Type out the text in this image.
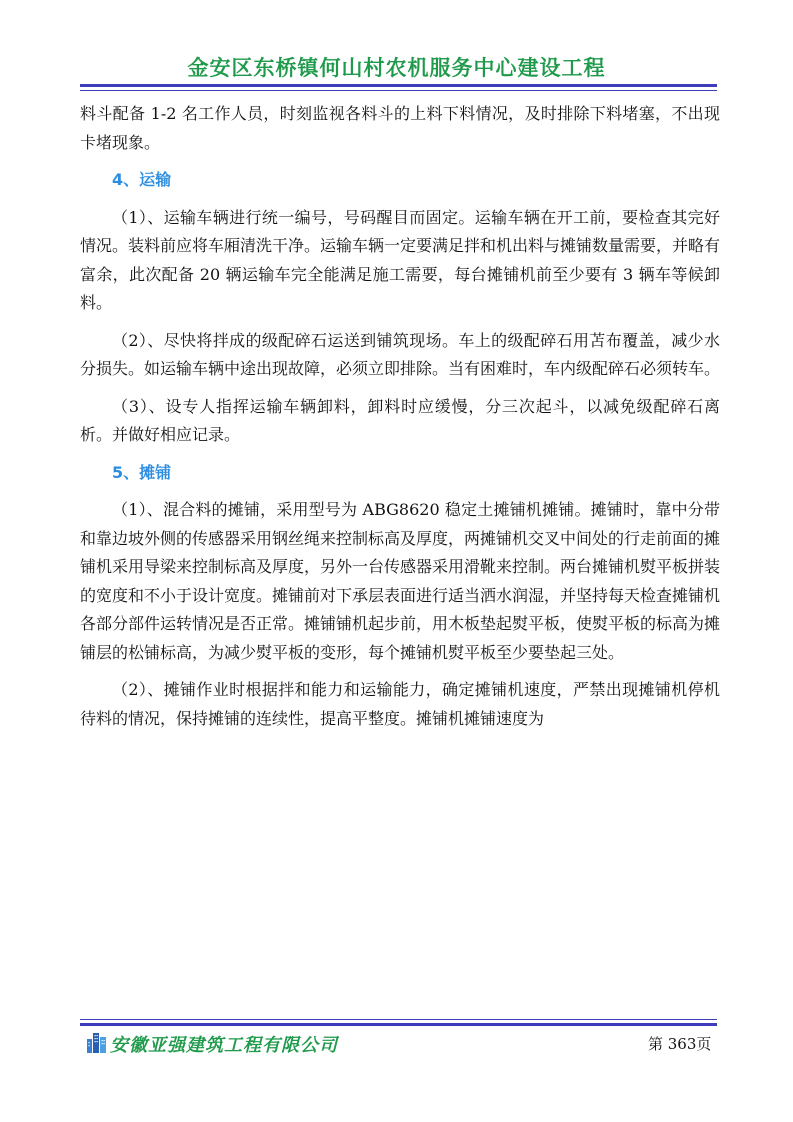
金安区东桥镇何山村农机服务中心建设工程

料斗配备 1-2 名工作人员，时刻监视各料斗的上料下料情况，及时排除下料堵塞，不出现卡堵现象。

4、运输

（1）、运输车辆进行统一编号，号码醒目而固定。运输车辆在开工前，要检查其完好情况。装料前应将车厢清洗干净。运输车辆一定要满足拌和机出料与摊铺数量需要，并略有富余，此次配备 20 辆运输车完全能满足施工需要，每台摊铺机前至少要有 3 辆车等候卸料。

（2）、尽快将拌成的级配碎石运送到铺筑现场。车上的级配碎石用苫布覆盖，减少水分损失。如运输车辆中途出现故障，必须立即排除。当有困难时，车内级配碎石必须转车。

（3）、设专人指挥运输车辆卸料，卸料时应缓慢，分三次起斗，以减免级配碎石离析。并做好相应记录。

5、摊铺

（1）、混合料的摊铺，采用型号为 ABG8620 稳定土摊铺机摊铺。摊铺时，靠中分带和靠边坡外侧的传感器采用钢丝绳来控制标高及厚度，两摊铺机交叉中间处的行走前面的摊铺机采用导梁来控制标高及厚度，另外一台传感器采用滑靴来控制。两台摊铺机熨平板拼装的宽度和不小于设计宽度。摊铺前对下承层表面进行适当洒水润湿，并坚持每天检查摊铺机各部分部件运转情况是否正常。摊铺铺机起步前，用木板垫起熨平板，使熨平板的标高为摊铺层的松铺标高，为减少熨平板的变形，每个摊铺机熨平板至少要垫起三处。

（2）、摊铺作业时根据拌和能力和运输能力，确定摊铺机速度，严禁出现摊铺机停机待料的情况，保持摊铺的连续性，提高平整度。摊铺机摊铺速度为

安徽亚强建筑工程有限公司	第 363页
